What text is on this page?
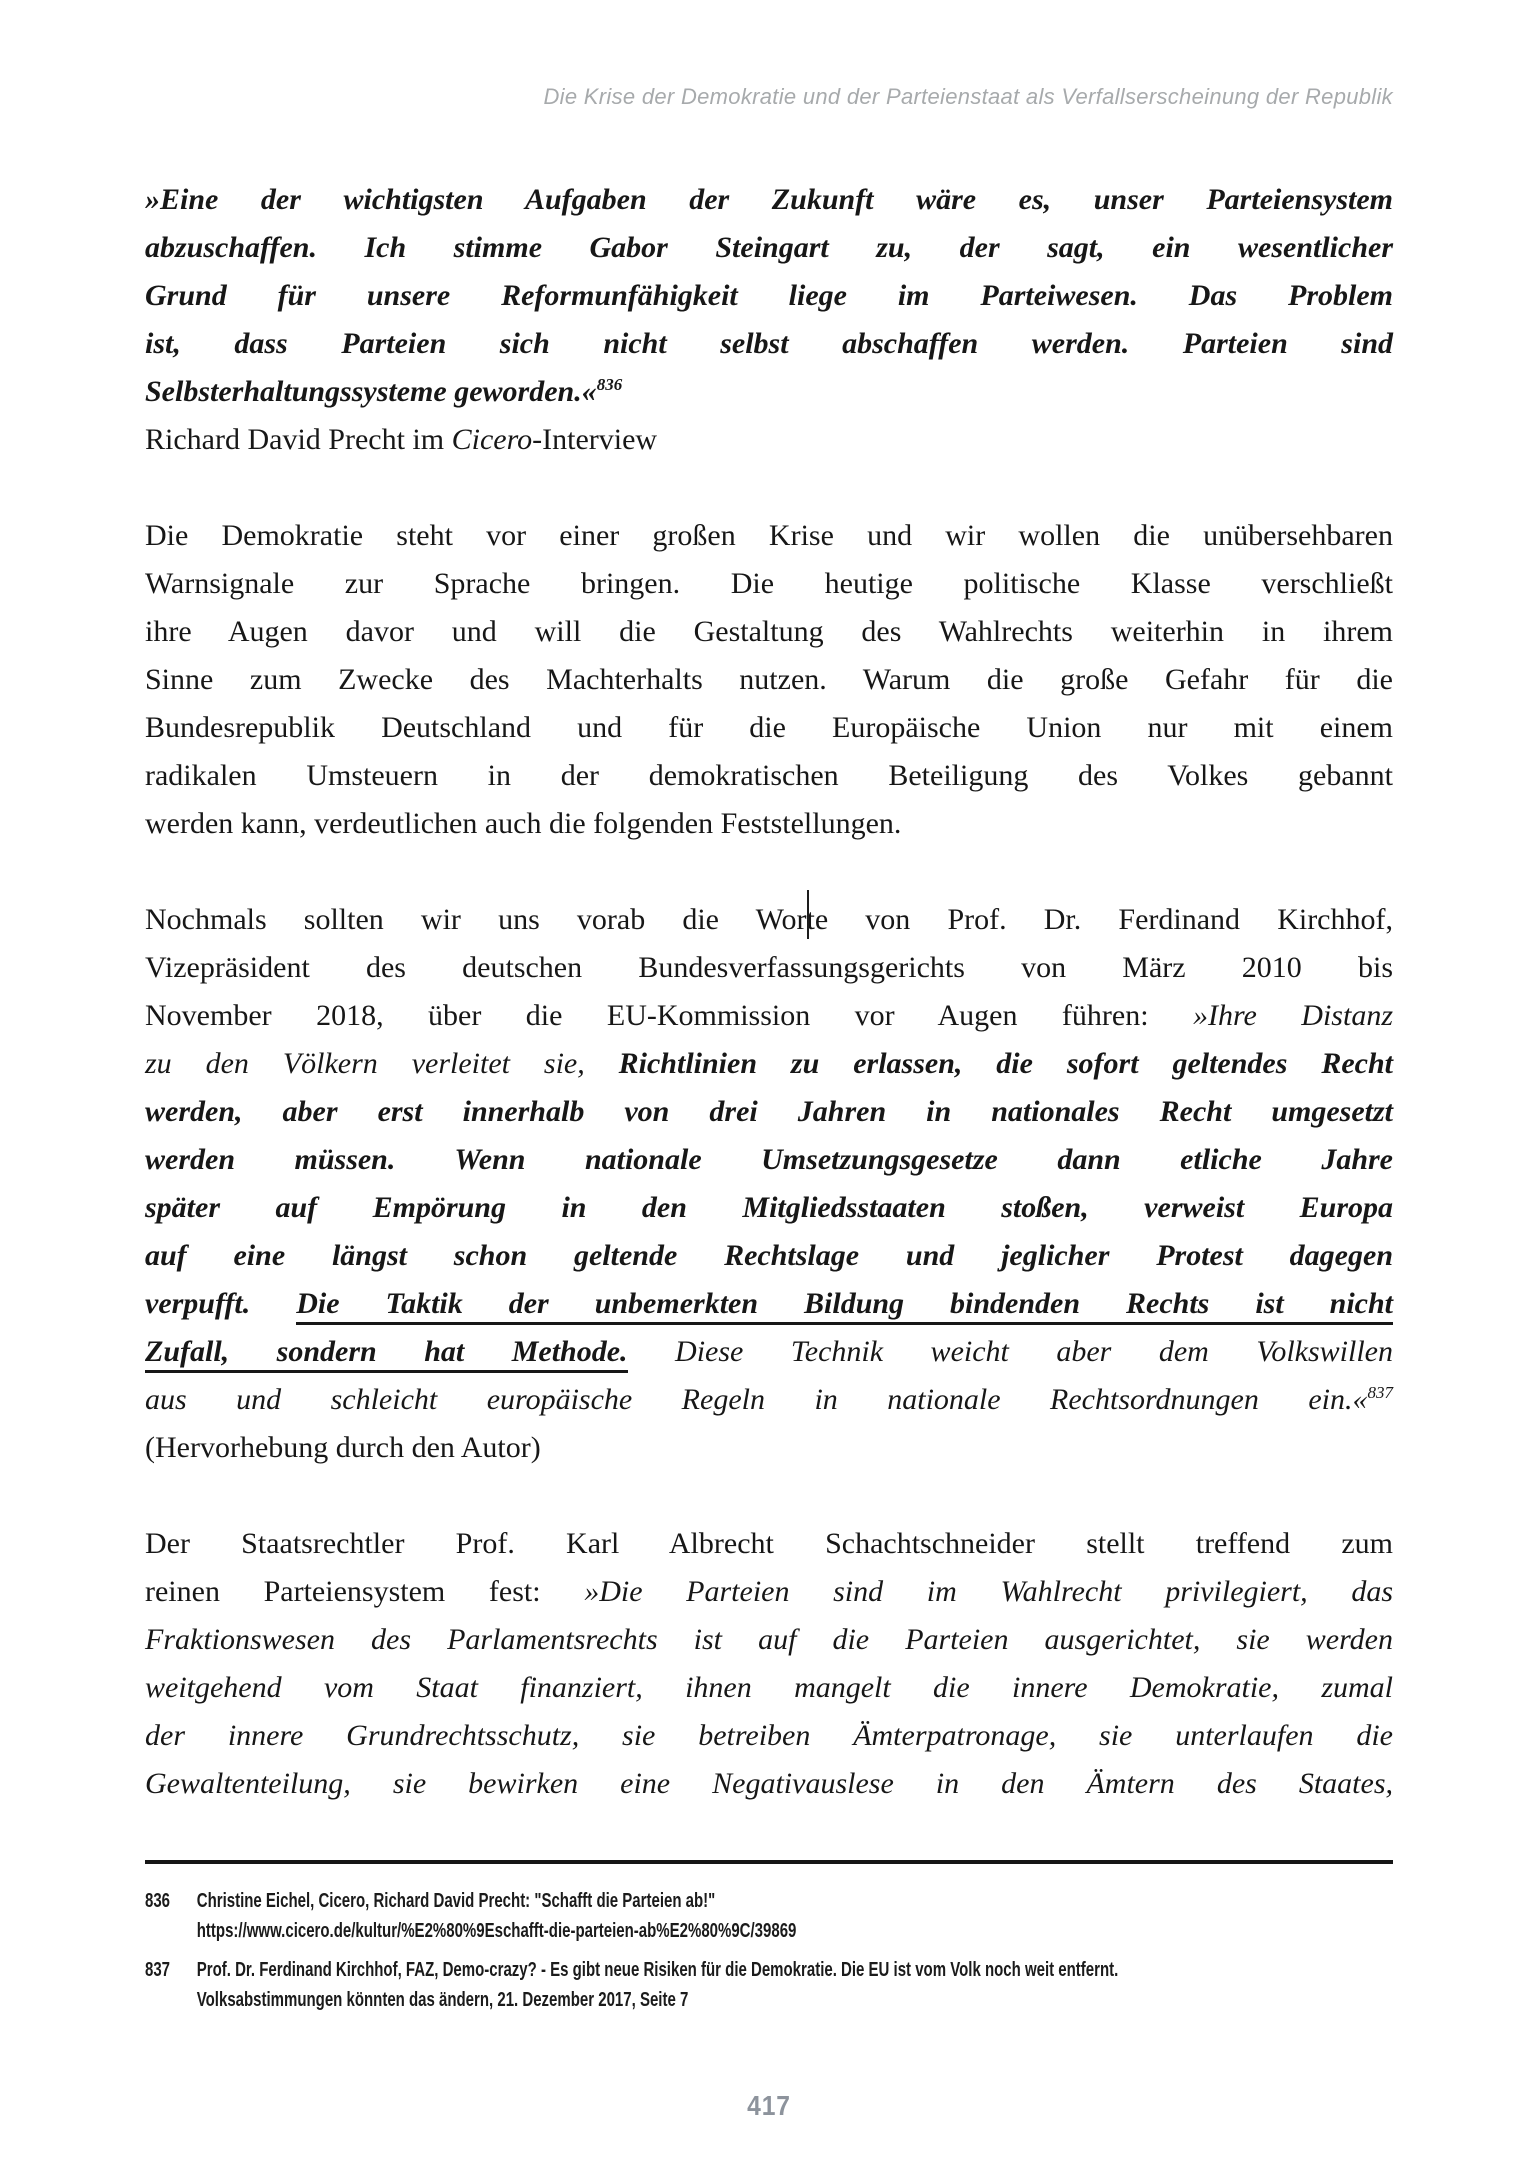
Die Krise der Demokratie und der Parteienstaat als Verfallserscheinung der Republik
»Eine der wichtigsten Aufgaben der Zukunft wäre es, unser Parteiensystem
abzuschaffen. Ich stimme Gabor Steingart zu, der sagt, ein wesentlicher
Grund für unsere Reformunfähigkeit liege im Parteiwesen. Das Problem
ist, dass Parteien sich nicht selbst abschaffen werden. Parteien sind
Selbsterhaltungssysteme geworden.«$^{836}$
Richard David Precht im Cicero-Interview
Die Demokratie steht vor einer großen Krise und wir wollen die unübersehbaren
Warnsignale zur Sprache bringen. Die heutige politische Klasse verschließt
ihre Augen davor und will die Gestaltung des Wahlrechts weiterhin in ihrem
Sinne zum Zwecke des Machterhalts nutzen. Warum die große Gefahr für die
Bundesrepublik Deutschland und für die Europäische Union nur mit einem
radikalen Umsteuern in der demokratischen Beteiligung des Volkes gebannt
werden kann, verdeutlichen auch die folgenden Feststellungen.
Nochmals sollten wir uns vorab die Worte von Prof. Dr. Ferdinand Kirchhof,
Vizepräsident des deutschen Bundesverfassungsgerichts von März 2010 bis
November 2018, über die EU-Kommission vor Augen führen: »Ihre Distanz
zu den Völkern verleitet sie, Richtlinien zu erlassen, die sofort geltendes Recht
werden, aber erst innerhalb von drei Jahren in nationales Recht umgesetzt
werden müssen. Wenn nationale Umsetzungsgesetze dann etliche Jahre
später auf Empörung in den Mitgliedsstaaten stoßen, verweist Europa
auf eine längst schon geltende Rechtslage und jeglicher Protest dagegen
verpufft. Die Taktik der unbemerkten Bildung bindenden Rechts ist nicht
Zufall, sondern hat Methode. Diese Technik weicht aber dem Volkswillen
aus und schleicht europäische Regeln in nationale Rechtsordnungen ein.«$^{837}$
(Hervorhebung durch den Autor)
Der Staatsrechtler Prof. Karl Albrecht Schachtschneider stellt treffend zum
reinen Parteiensystem fest: »Die Parteien sind im Wahlrecht privilegiert, das
Fraktionswesen des Parlamentsrechts ist auf die Parteien ausgerichtet, sie werden
weitgehend vom Staat finanziert, ihnen mangelt die innere Demokratie, zumal
der innere Grundrechtsschutz, sie betreiben Ämterpatronage, sie unterlaufen die
Gewaltenteilung, sie bewirken eine Negativauslese in den Ämtern des Staates,
836	Christine Eichel, Cicero, Richard David Precht: "Schafft die Parteien ab!"
https://www.cicero.de/kultur/%E2%80%9Eschafft-die-parteien-ab%E2%80%9C/39869
837	Prof. Dr. Ferdinand Kirchhof, FAZ, Demo-crazy? - Es gibt neue Risiken für die Demokratie. Die EU ist vom Volk noch weit entfernt.
Volksabstimmungen könnten das ändern, 21. Dezember 2017, Seite 7
417
